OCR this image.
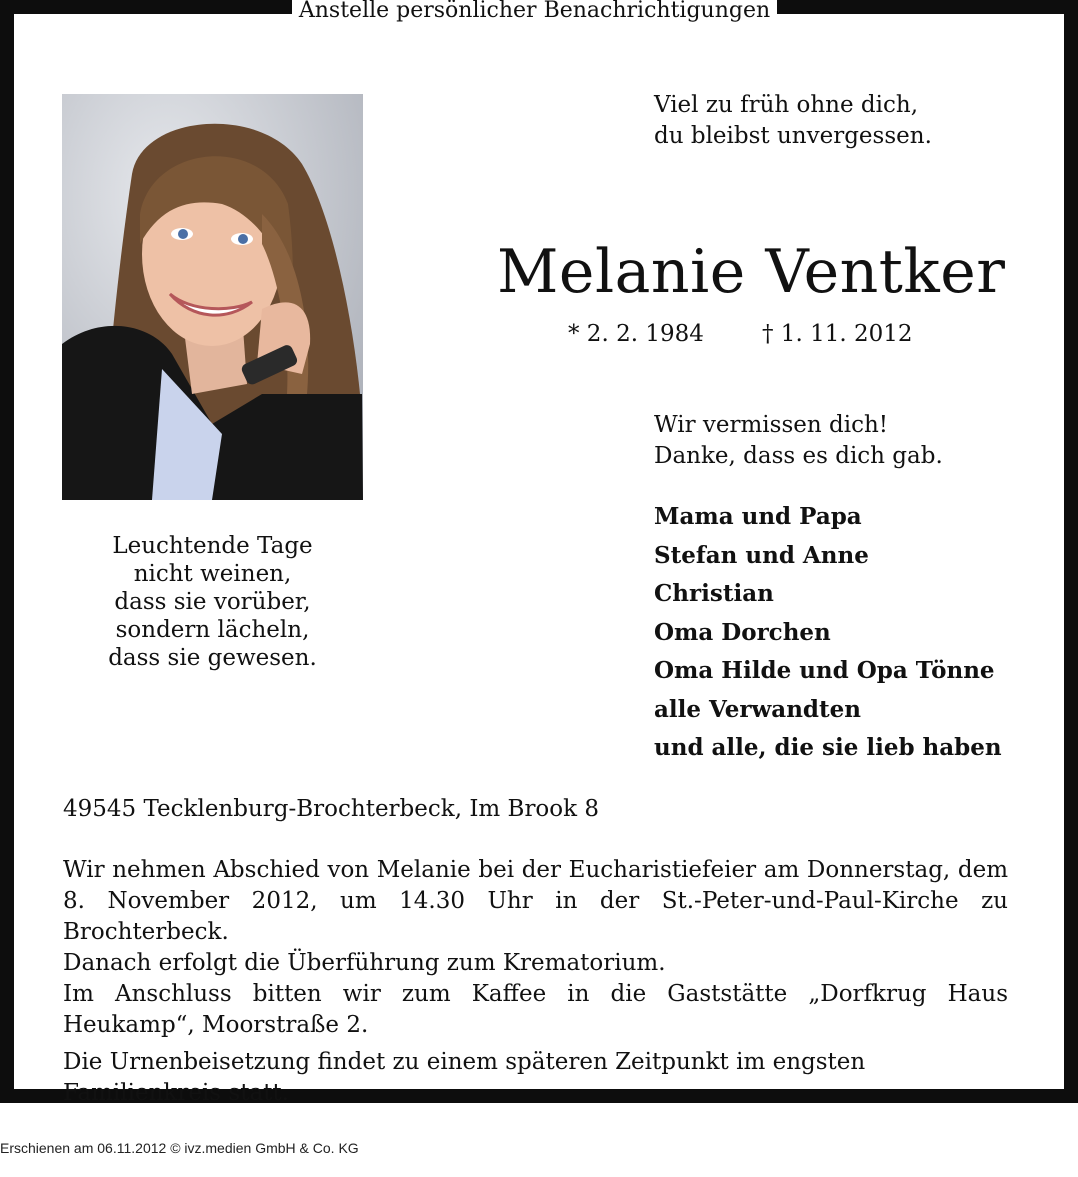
Anstelle persönlicher Benachrichtigungen
Viel zu früh ohne dich,
du bleibst unvergessen.
Melanie Ventker
* 2. 2. 1984	† 1. 11. 2012
Wir vermissen dich!
Danke, dass es dich gab.
Leuchtende Tage
nicht weinen,
dass sie vorüber,
sondern lächeln,
dass sie gewesen.
Mama und Papa
Stefan und Anne
Christian
Oma Dorchen
Oma Hilde und Opa Tönne
alle Verwandten
und alle, die sie lieb haben
49545 Tecklenburg-Brochterbeck, Im Brook 8
Wir nehmen Abschied von Melanie bei der Eucharistiefeier am Donnerstag, dem 8. November 2012, um 14.30 Uhr in der St.-Peter-und-Paul-Kirche zu Brochterbeck.
Danach erfolgt die Überführung zum Krematorium.
Im Anschluss bitten wir zum Kaffee in die Gaststätte „Dorfkrug Haus Heukamp“, Moorstraße 2.
Die Urnenbeisetzung findet zu einem späteren Zeitpunkt im engsten Familienkreis statt.
Erschienen am 06.11.2012 © ivz.medien GmbH & Co. KG
